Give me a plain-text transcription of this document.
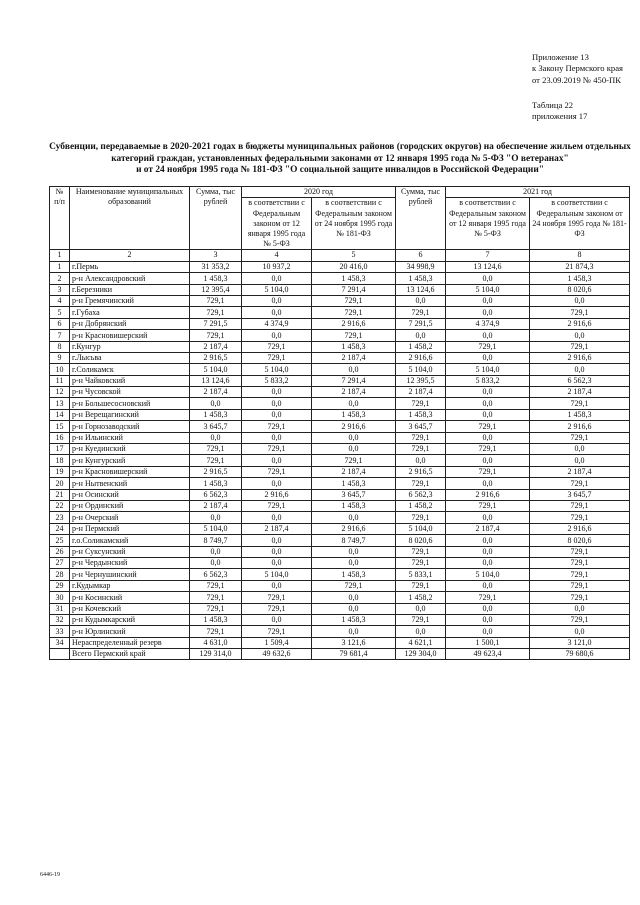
Приложение 13
к Закону Пермского края
от 23.09.2019 № 450-ПК
Таблица 22
приложения 17
Субвенции, передаваемые в 2020-2021 годах в бюджеты муниципальных районов (городских округов) на обеспечение жильем отдельных
категорий граждан, установленных федеральными законами от 12 января 1995 года № 5-ФЗ "О ветеранах"
и от 24 ноября 1995 года № 181-ФЗ "О социальной защите инвалидов в Российской Федерации"
№ п/п	Наименование муниципальных образований	Сумма, тыс рублей	2020 год		Сумма, тыс рублей	2021 год	
			в соответствии с Федеральным законом от 12 января 1995 года № 5-ФЗ	в соответствии с Федеральным законом от 24 ноября 1995 года № 181-ФЗ		в соответствии с Федеральным законом от 12 января 1995 года № 5-ФЗ	в соответствии с Федеральным законом от 24 ноября 1995 года № 181-ФЗ
1	2	3	4	5	6	7	8
1	г.Пермь	31 353,2	10 937,2	20 416,0	34 998,9	13 124,6	21 874,3
2	р-н Александровский	1 458,3	0,0	1 458,3	1 458,3	0,0	1 458,3
3	г.Березники	12 395,4	5 104,0	7 291,4	13 124,6	5 104,0	8 020,6
4	р-н Гремячинский	729,1	0,0	729,1	0,0	0,0	0,0
5	г.Губаха	729,1	0,0	729,1	729,1	0,0	729,1
6	р-н Добрянский	7 291,5	4 374,9	2 916,6	7 291,5	4 374,9	2 916,6
7	р-н Красновишерский	729,1	0,0	729,1	0,0	0,0	0,0
8	г.Кунгур	2 187,4	729,1	1 458,3	1 458,2	729,1	729,1
9	г.Лысьва	2 916,5	729,1	2 187,4	2 916,6	0,0	2 916,6
10	г.Соликамск	5 104,0	5 104,0	0,0	5 104,0	5 104,0	0,0
11	р-н Чайковский	13 124,6	5 833,2	7 291,4	12 395,5	5 833,2	6 562,3
12	р-н Чусовской	2 187,4	0,0	2 187,4	2 187,4	0,0	2 187,4
13	р-н Большесосновский	0,0	0,0	0,0	729,1	0,0	729,1
14	р-н Верещагинский	1 458,3	0,0	1 458,3	1 458,3	0,0	1 458,3
15	р-н Горнозаводский	3 645,7	729,1	2 916,6	3 645,7	729,1	2 916,6
16	р-н Ильинский	0,0	0,0	0,0	729,1	0,0	729,1
17	р-н Куединский	729,1	729,1	0,0	729,1	729,1	0,0
18	р-н Кунгурский	729,1	0,0	729,1	0,0	0,0	0,0
19	р-н Красновишерский	2 916,5	729,1	2 187,4	2 916,5	729,1	2 187,4
20	р-н Нытвенский	1 458,3	0,0	1 458,3	729,1	0,0	729,1
21	р-н Осинский	6 562,3	2 916,6	3 645,7	6 562,3	2 916,6	3 645,7
22	р-н Ординский	2 187,4	729,1	1 458,3	1 458,2	729,1	729,1
23	р-н Очерский	0,0	0,0	0,0	729,1	0,0	729,1
24	р-н Пермский	5 104,0	2 187,4	2 916,6	5 104,0	2 187,4	2 916,6
25	г.о.Соликамский	8 749,7	0,0	8 749,7	8 020,6	0,0	8 020,6
26	р-н Суксунский	0,0	0,0	0,0	729,1	0,0	729,1
27	р-н Чердынский	0,0	0,0	0,0	729,1	0,0	729,1
28	р-н Чернушинский	6 562,3	5 104,0	1 458,3	5 833,1	5 104,0	729,1
29	г.Кудымкар	729,1	0,0	729,1	729,1	0,0	729,1
30	р-н Косинский	729,1	729,1	0,0	1 458,2	729,1	729,1
31	р-н Кочевский	729,1	729,1	0,0	0,0	0,0	0,0
32	р-н Кудымкарский	1 458,3	0,0	1 458,3	729,1	0,0	729,1
33	р-н Юрлинский	729,1	729,1	0,0	0,0	0,0	0,0
34	Нераспределенный резерв	4 631,0	1 509,4	3 121,6	4 621,1	1 500,1	3 121,0
	Всего Пермский край	129 314,0	49 632,6	79 681,4	129 304,0	49 623,4	79 680,6
6446-19
